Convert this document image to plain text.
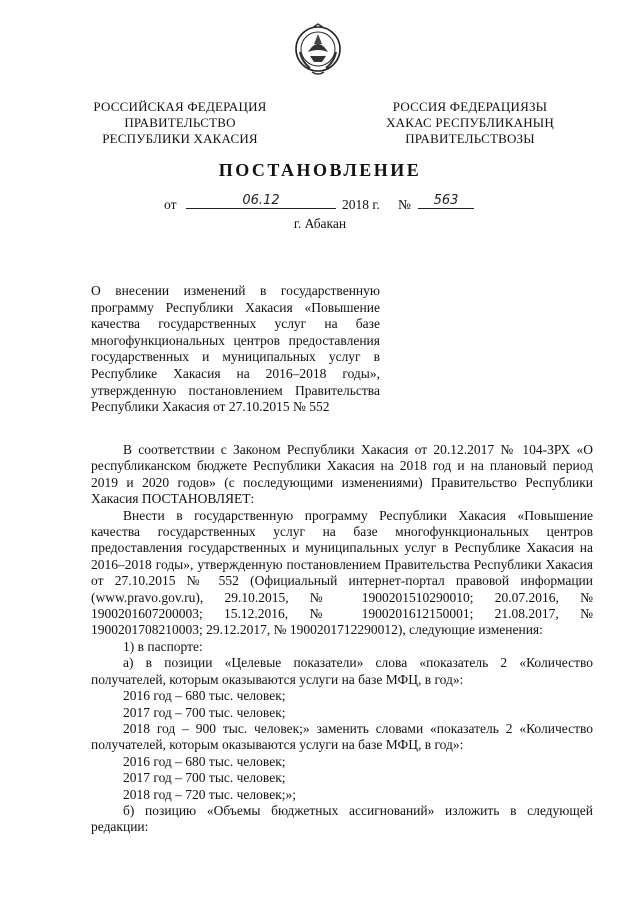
РОССИЙСКАЯ ФЕДЕРАЦИЯ
ПРАВИТЕЛЬСТВО
РЕСПУБЛИКИ ХАКАСИЯ
РОССИЯ ФЕДЕРАЦИЯЗЫ
ХАКАС РЕСПУБЛИКАНЫҢ
ПРАВИТЕЛЬСТВОЗЫ
ПОСТАНОВЛЕНИЕ
от	06.12	2018 г. №	563
г. Абакан
О внесении изменений в государственную программу Республики Хакасия «Повышение качества государственных услуг на базе многофункциональных центров предоставления государственных и муниципальных услуг в Республике Хакасия на 2016–2018 годы», утвержденную постановлением Правительства Республики Хакасия от 27.10.2015 № 552

В соответствии с Законом Республики Хакасия от 20.12.2017 № 104-ЗРХ «О республиканском бюджете Республики Хакасия на 2018 год и на плановый период 2019 и 2020 годов» (с последующими изменениями) Правительство Республики Хакасия ПОСТАНОВЛЯЕТ:

Внести в государственную программу Республики Хакасия «Повышение качества государственных услуг на базе многофункциональных центров предоставления государственных и муниципальных услуг в Республике Хакасия на 2016–2018 годы», утвержденную постановлением Правительства Республики Хакасия от 27.10.2015 № 552 (Официальный интернет-портал правовой информации (www.pravo.gov.ru), 29.10.2015, № 1900201510290010; 20.07.2016, № 1900201607200003; 15.12.2016, № 1900201612150001; 21.08.2017, № 1900201708210003; 29.12.2017, № 1900201712290012), следующие изменения:

1) в паспорте:

а) в позиции «Целевые показатели» слова «показатель 2 «Количество получателей, которым оказываются услуги на базе МФЦ, в год»:

2016 год – 680 тыс. человек;

2017 год – 700 тыс. человек;

2018 год – 900 тыс. человек;» заменить словами «показатель 2 «Количество получателей, которым оказываются услуги на базе МФЦ, в год»:

2016 год – 680 тыс. человек;

2017 год – 700 тыс. человек;

2018 год – 720 тыс. человек;»;

б) позицию «Объемы бюджетных ассигнований» изложить в следующей редакции:
